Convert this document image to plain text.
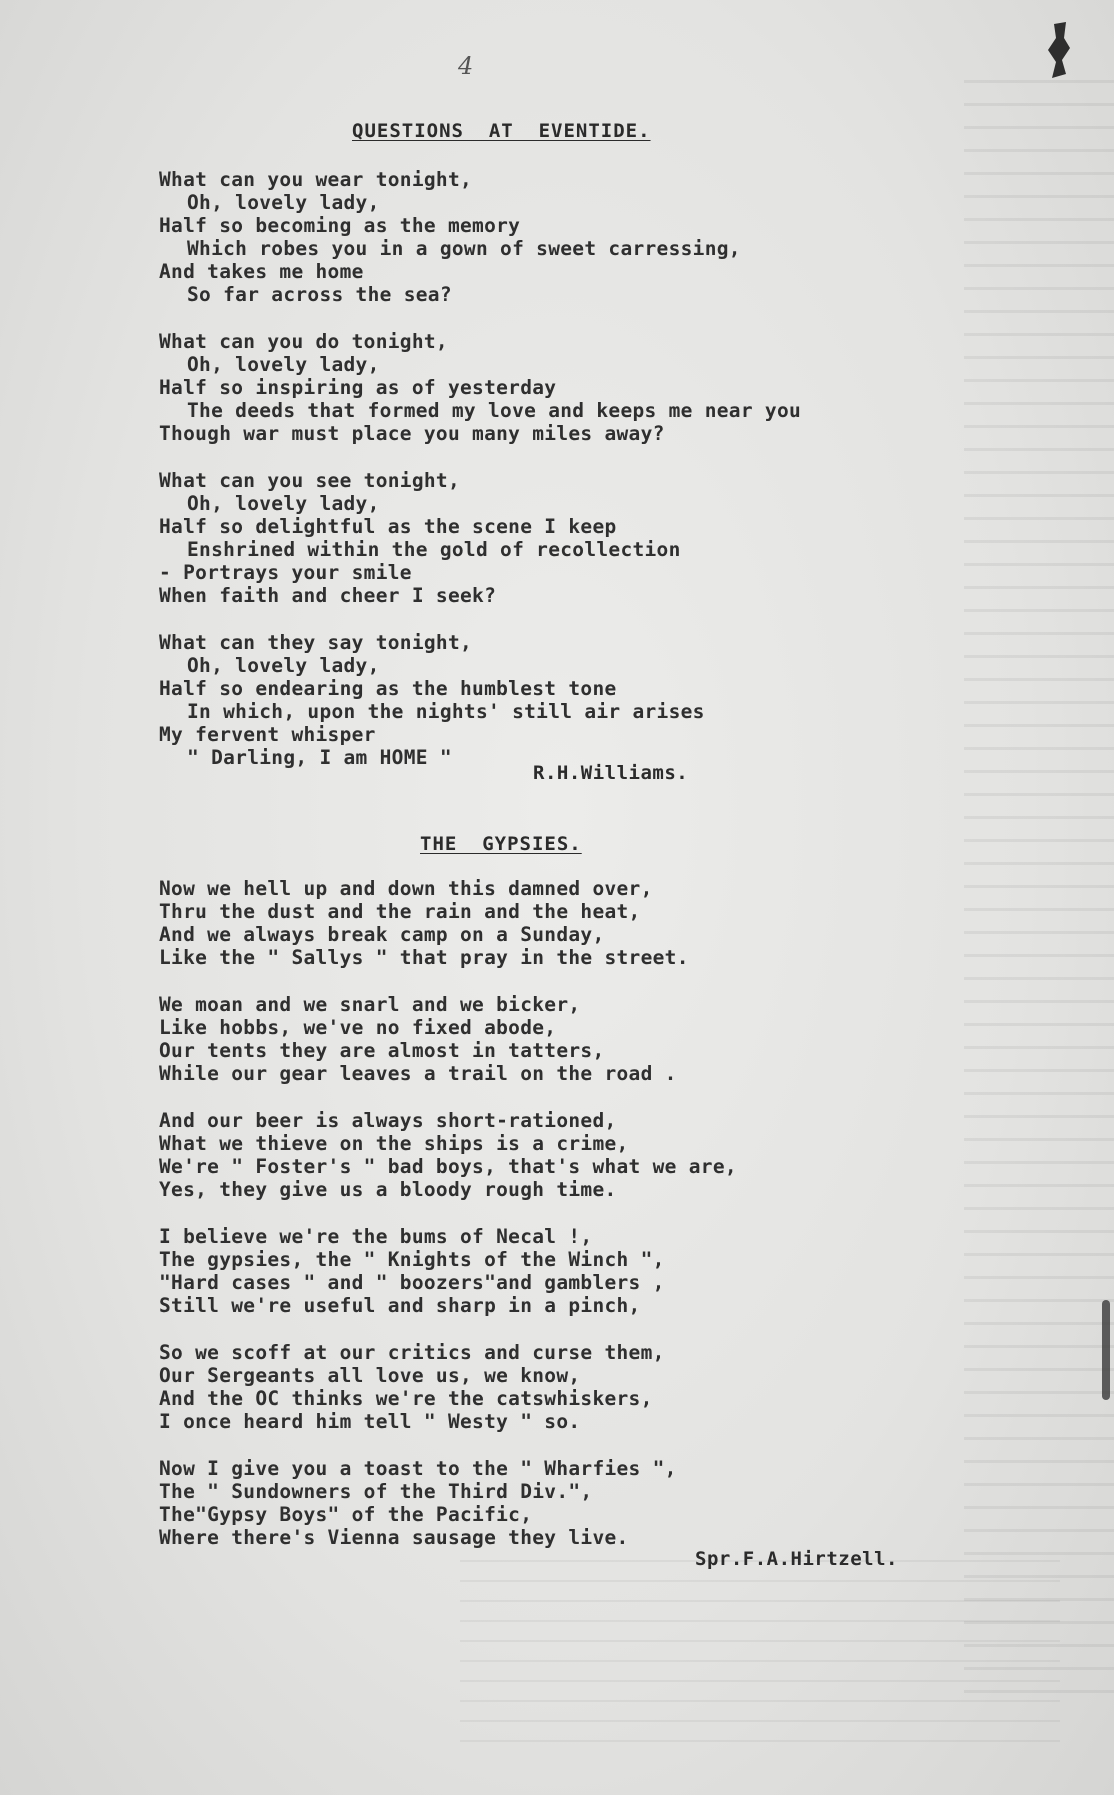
4
QUESTIONS  AT  EVENTIDE.
What can you wear tonight,
Oh, lovely lady,
Half so becoming as the memory
Which robes you in a gown of sweet carressing,
And takes me home
So far across the sea?
What can you do tonight,
Oh, lovely lady,
Half so inspiring as of yesterday
The deeds that formed my love and keeps me near you
Though war must place you many miles away?
What can you see tonight,
Oh, lovely lady,
Half so delightful as the scene I keep
Enshrined within the gold of recollection
- Portrays your smile
When faith and cheer I seek?
What can they say tonight,
Oh, lovely lady,
Half so endearing as the humblest tone
In which, upon the nights' still air arises
My fervent whisper
" Darling, I am HOME "
R.H.Williams.
THE  GYPSIES.
Now we hell up and down this damned over,
Thru the dust and the rain and the heat,
And we always break camp on a Sunday,
Like the " Sallys " that pray in the street.
We moan and we snarl and we bicker,
Like hobbs, we've no fixed abode,
Our tents they are almost in tatters,
While our gear leaves a trail on the road .
And our beer is always short-rationed,
What we thieve on the ships is a crime,
We're " Foster's " bad boys, that's what we are,
Yes, they give us a bloody rough time.
I believe we're the bums of Necal !,
The gypsies, the " Knights of the Winch ",
"Hard cases " and " boozers"and gamblers ,
Still we're useful and sharp in a pinch,
So we scoff at our critics and curse them,
Our Sergeants all love us, we know,
And the OC thinks we're the catswhiskers,
I once heard him tell " Westy " so.
Now I give you a toast to the " Wharfies ",
The " Sundowners of the Third Div.",
The"Gypsy Boys" of the Pacific,
Where there's Vienna sausage they live.
Spr.F.A.Hirtzell.
